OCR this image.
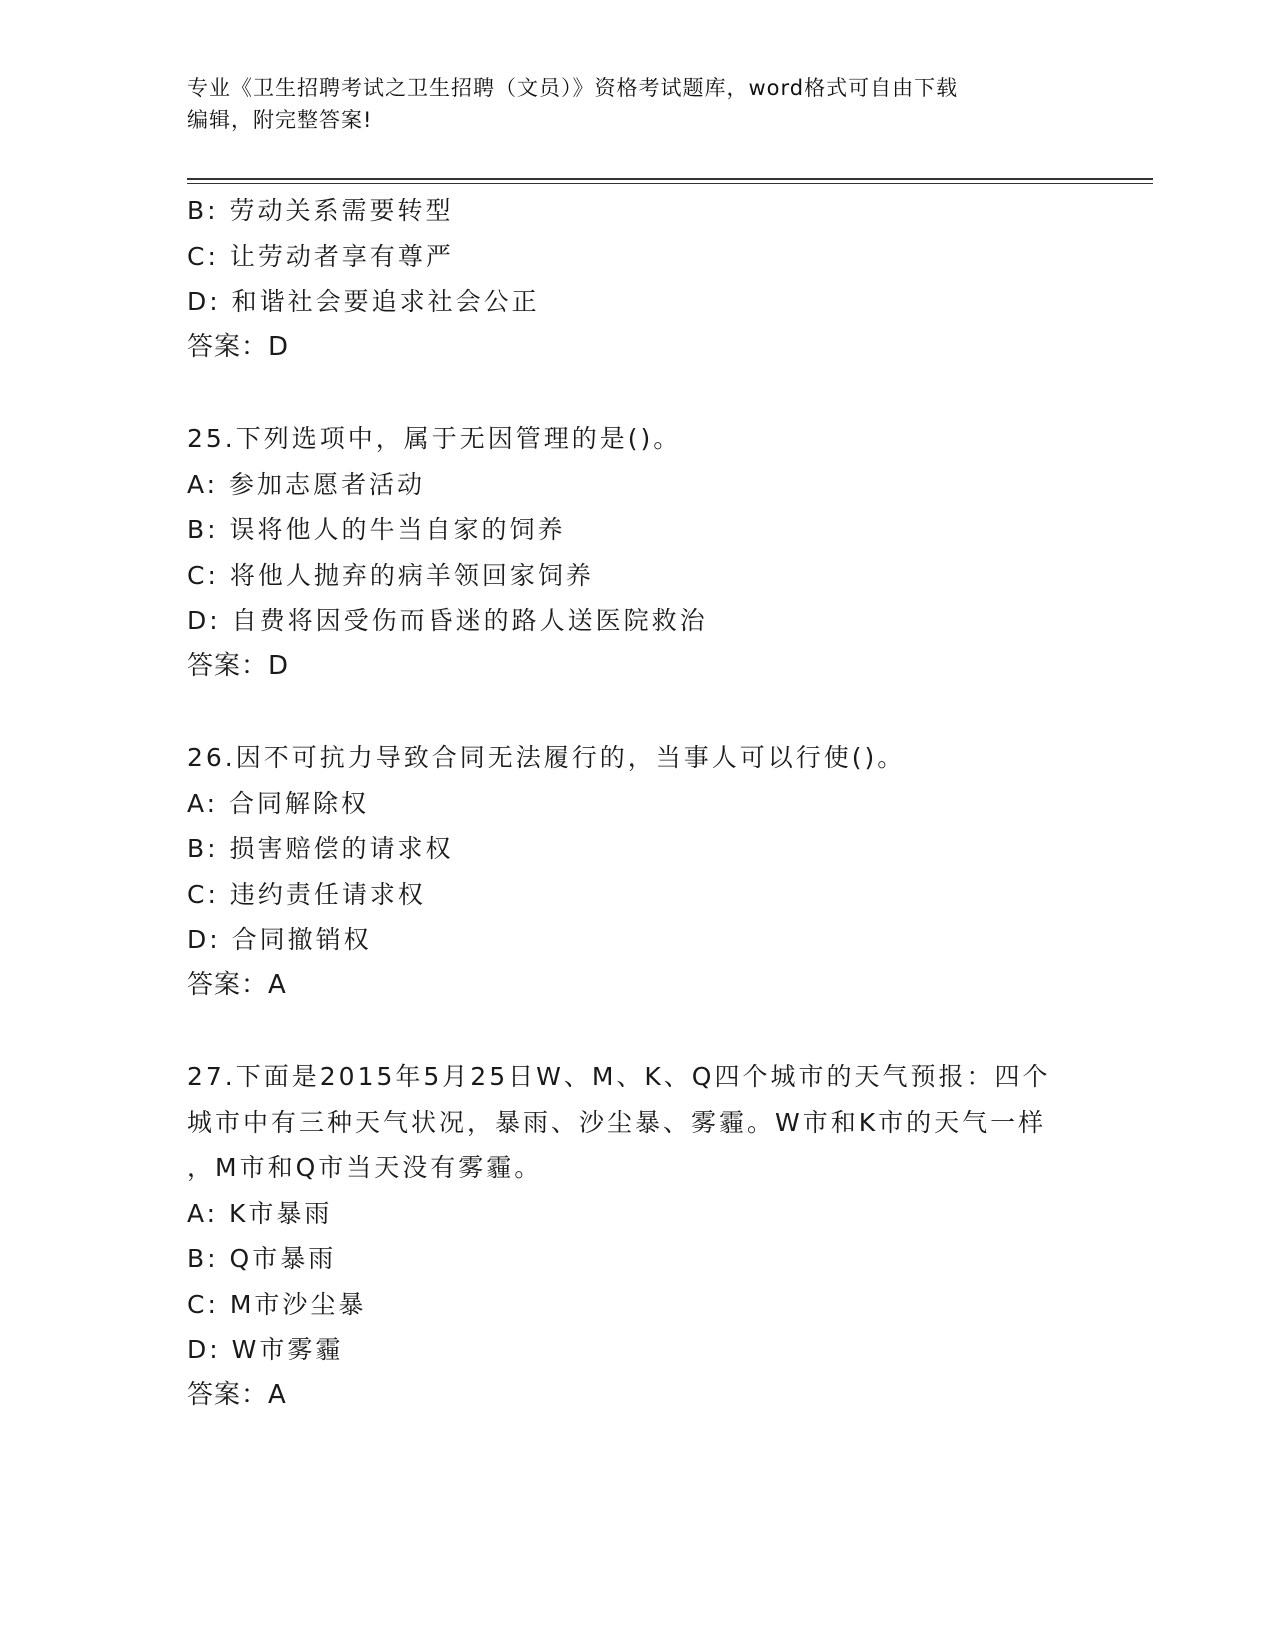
专业《卫生招聘考试之卫生招聘（文员）》资格考试题库，word格式可自由下载
编辑，附完整答案!
B: 劳动关系需要转型
C: 让劳动者享有尊严
D: 和谐社会要追求社会公正
答案：D
25.下列选项中，属于无因管理的是()。
A: 参加志愿者活动
B: 误将他人的牛当自家的饲养
C: 将他人抛弃的病羊领回家饲养
D: 自费将因受伤而昏迷的路人送医院救治
答案：D
26.因不可抗力导致合同无法履行的，当事人可以行使()。
A: 合同解除权
B: 损害赔偿的请求权
C: 违约责任请求权
D: 合同撤销权
答案：A
27.下面是2015年5月25日W、M、K、Q四个城市的天气预报：四个
城市中有三种天气状况，暴雨、沙尘暴、雾霾。W市和K市的天气一样
，M市和Q市当天没有雾霾。
A: K市暴雨
B: Q市暴雨
C: M市沙尘暴
D: W市雾霾
答案：A
